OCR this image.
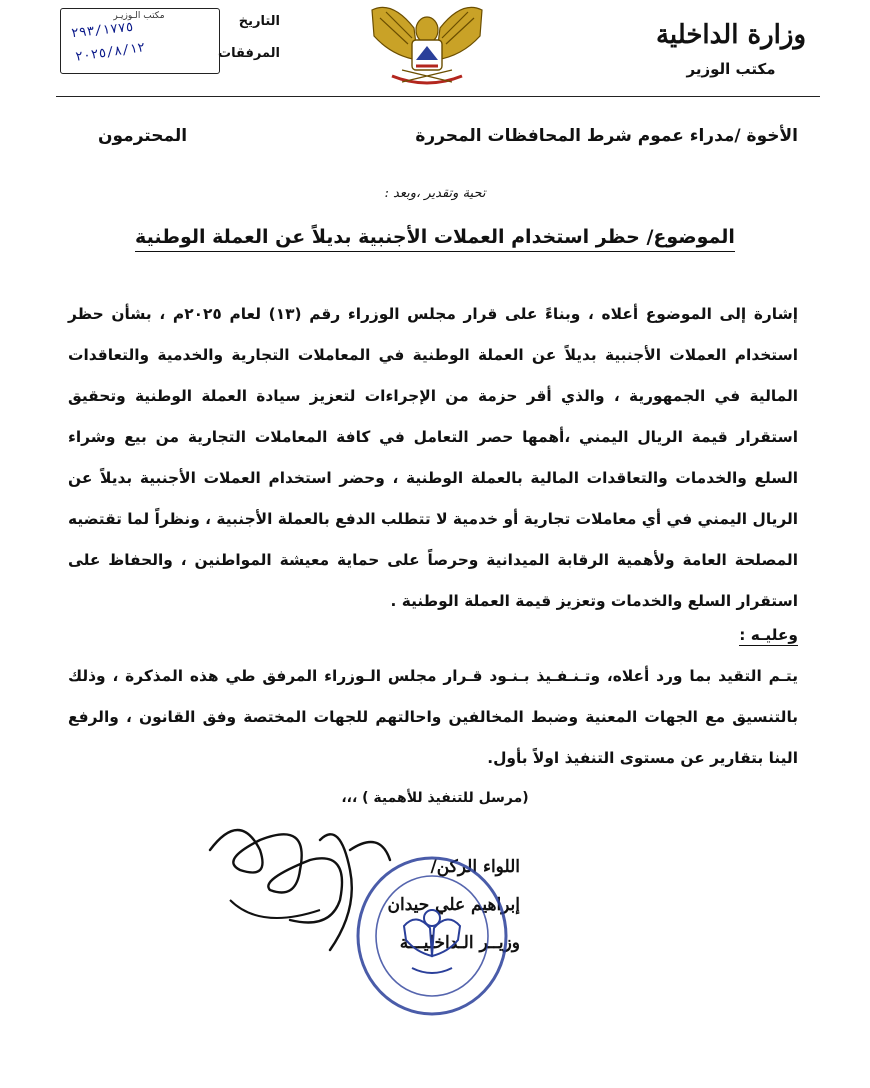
وزارة الداخلية
مكتب الوزير
التاريخ
المرفقات
مكتب الـوزيـر
٢٩٣/١٧٧٥
٢٠٢٥/٨/١٢
الأخوة /مدراء عموم شرط المحافظات المحررة
المحترمون
تحية وتقدير ،وبعد :
الموضوع/ حظر استخدام العملات الأجنبية بديلاً عن العملة الوطنية

إشارة إلى الموضوع أعلاه ، وبناءً على قرار مجلس الوزراء رقم (١٣) لعام ٢٠٢٥م ، بشأن حظر استخدام العملات الأجنبية بديلاً عن العملة الوطنية في المعاملات التجارية والخدمية والتعاقدات المالية في الجمهورية ، والذي أقر حزمة من الإجراءات لتعزيز سيادة العملة الوطنية وتحقيق استقرار قيمة الريال اليمني ،أهمها حصر التعامل في كافة المعاملات التجارية من بيع وشراء السلع والخدمات والتعاقدات المالية بالعملة الوطنية ، وحضر استخدام العملات الأجنبية بديلاً عن الريال اليمني في أي معاملات تجارية أو خدمية لا تتطلب الدفع بالعملة الأجنبية ، ونظراً لما تقتضيه المصلحة العامة ولأهمية الرقابة الميدانية وحرصاً على حماية معيشة المواطنين ، والحفاظ على استقرار السلع والخدمات وتعزيز قيمة العملة الوطنية .

وعليـه :

يتـم التقيد بما ورد أعلاه، وتـنـفـيذ بـنـود قـرار مجلس الـوزراء المرفق طي هذه المذكرة ، وذلك بالتنسيق مع الجهات المعنية وضبط المخالفين واحالتهم للجهات المختصة وفق القانون ، والرفع الينا بتقارير عن مستوى التنفيذ اولاً بأول.

(مرسل للتنفيذ للأهمية ) ،،،
اللواء الركن/
إبراهيم علي حيدان
وزيــر الـداخليـــة
